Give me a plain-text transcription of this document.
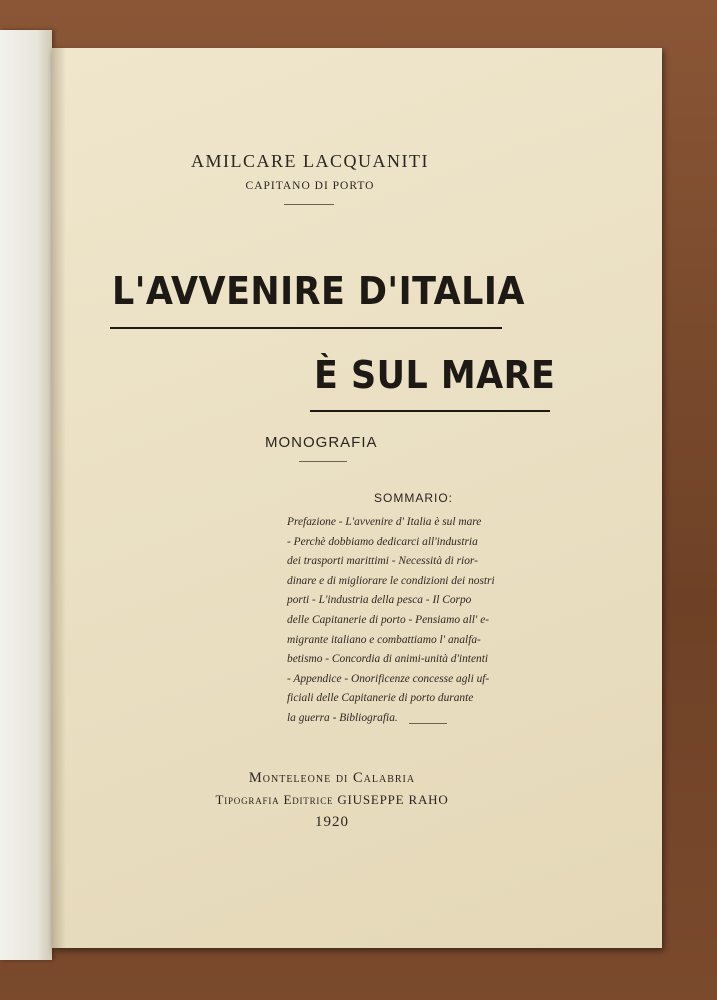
AMILCARE LACQUANITI
CAPITANO DI PORTO
L'AVVENIRE D'ITALIA
È SUL MARE
MONOGRAFIA
SOMMARIO:
Prefazione - L'avvenire d' Italia è sul mare
- Perchè dobbiamo dedicarci all'industria
dei trasporti marittimi - Necessità di rior-
dinare e di migliorare le condizioni dei nostri
porti - L'industria della pesca - Il Corpo
delle Capitanerie di porto - Pensiamo all' e-
migrante italiano e combattiamo l' analfa-
betismo - Concordia di animi-unità d'intenti
- Appendice - Onorificenze concesse agli uf-
ficiali delle Capitanerie di porto durante
la guerra - Bibliografia.
Monteleone di Calabria
Tipografia Editrice GIUSEPPE RAHO
1920
